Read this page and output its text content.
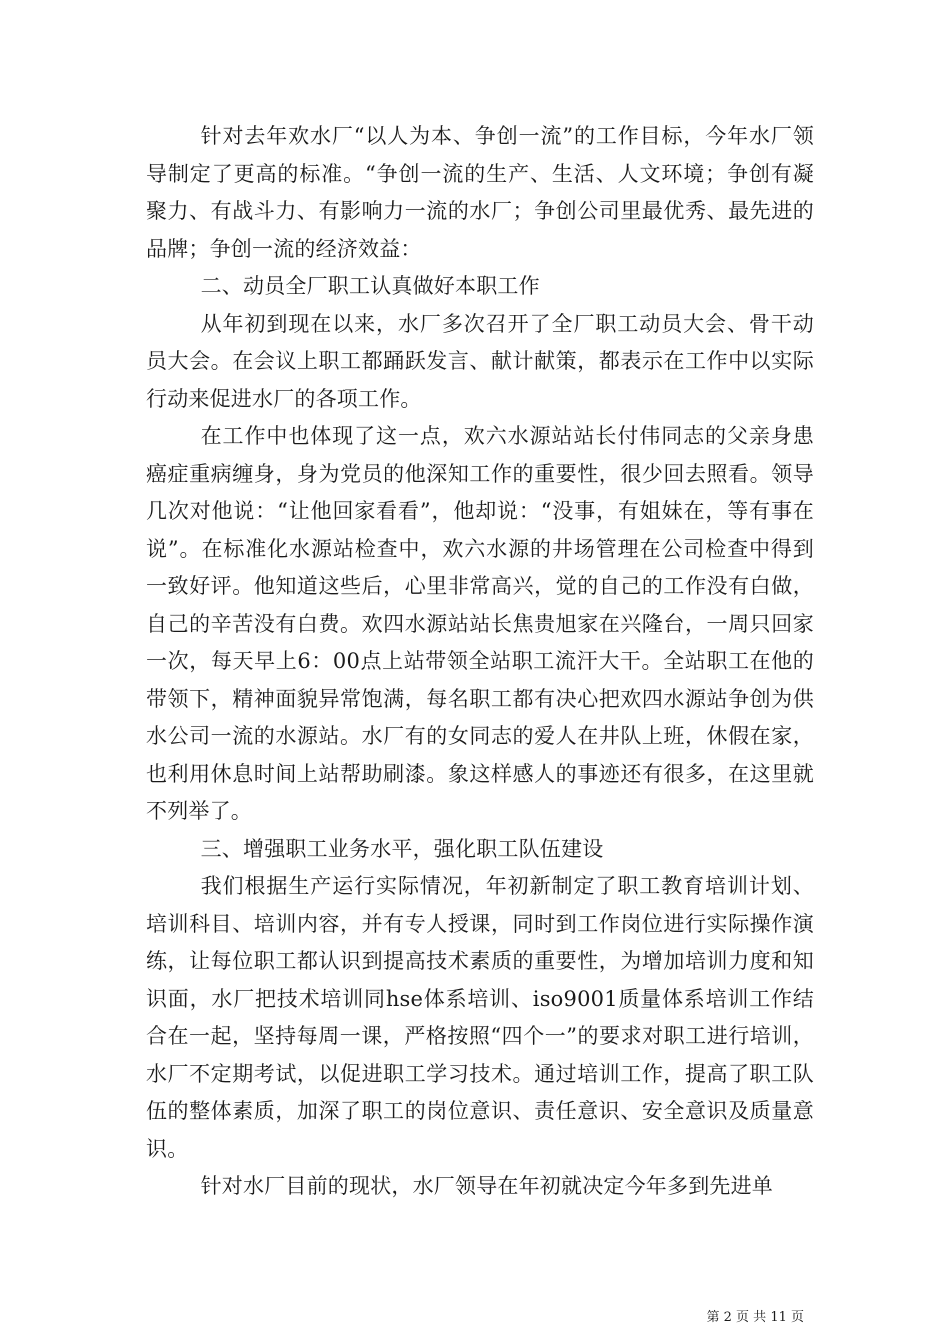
针对去年欢水厂“以人为本、争创一流”的工作目标，今年水厂领导制定了更高的标准。“争创一流的生产、生活、人文环境；争创有凝聚力、有战斗力、有影响力一流的水厂；争创公司里最优秀、最先进的品牌；争创一流的经济效益：

二、动员全厂职工认真做好本职工作

从年初到现在以来，水厂多次召开了全厂职工动员大会、骨干动员大会。在会议上职工都踊跃发言、献计献策，都表示在工作中以实际行动来促进水厂的各项工作。

在工作中也体现了这一点，欢六水源站站长付伟同志的父亲身患癌症重病缠身，身为党员的他深知工作的重要性，很少回去照看。领导几次对他说：“让他回家看看”，他却说：“没事，有姐妹在，等有事在说”。在标准化水源站检查中，欢六水源的井场管理在公司检查中得到一致好评。他知道这些后，心里非常高兴，觉的自己的工作没有白做，自己的辛苦没有白费。欢四水源站站长焦贵旭家在兴隆台，一周只回家一次，每天早上6：00点上站带领全站职工流汗大干。全站职工在他的带领下，精神面貌异常饱满，每名职工都有决心把欢四水源站争创为供水公司一流的水源站。水厂有的女同志的爱人在井队上班，休假在家，也利用休息时间上站帮助刷漆。象这样感人的事迹还有很多，在这里就不列举了。

三、增强职工业务水平，强化职工队伍建设

我们根据生产运行实际情况，年初新制定了职工教育培训计划、培训科目、培训内容，并有专人授课，同时到工作岗位进行实际操作演练，让每位职工都认识到提高技术素质的重要性，为增加培训力度和知识面，水厂把技术培训同hse体系培训、iso9001质量体系培训工作结合在一起，坚持每周一课，严格按照“四个一”的要求对职工进行培训，水厂不定期考试，以促进职工学习技术。通过培训工作，提高了职工队伍的整体素质，加深了职工的岗位意识、责任意识、安全意识及质量意识。

针对水厂目前的现状，水厂领导在年初就决定今年多到先进单

第 2 页 共 11 页
